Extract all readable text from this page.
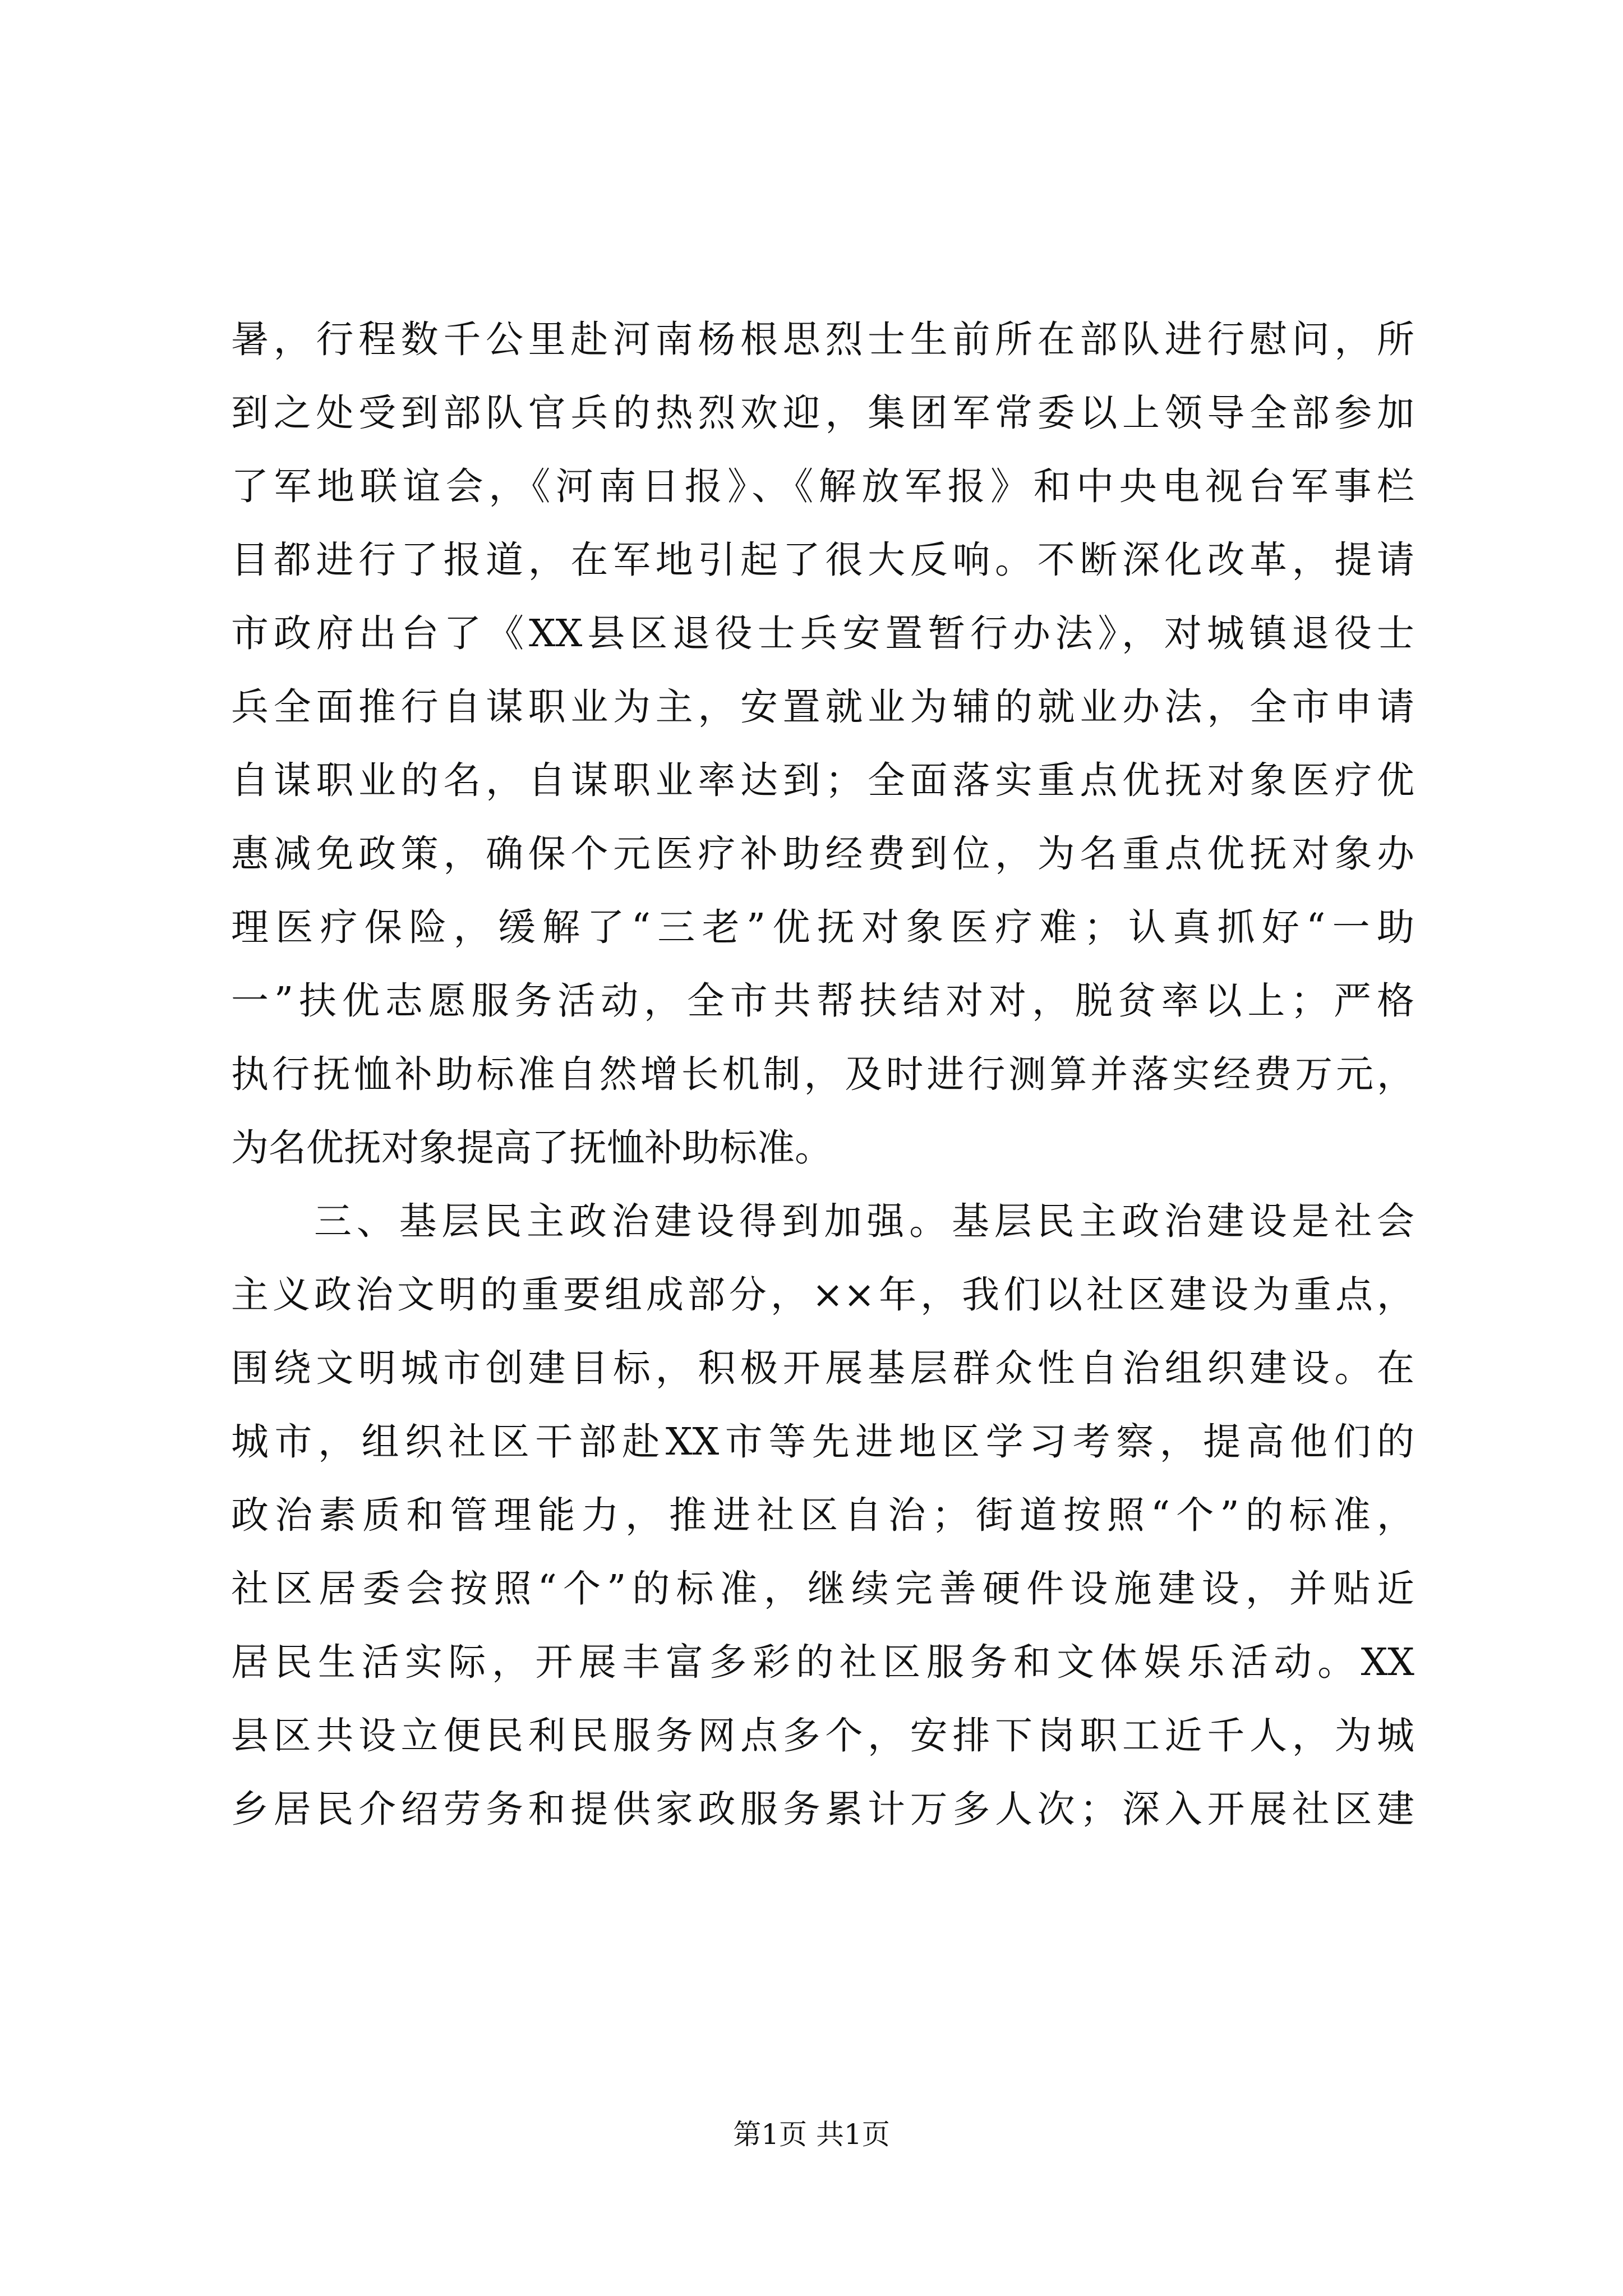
暑，行程数千公里赴河南杨根思烈士生前所在部队进行慰问，所
到之处受到部队官兵的热烈欢迎，集团军常委以上领导全部参加
了军地联谊会，《河南日报》、《解放军报》和中央电视台军事栏
目都进行了报道，在军地引起了很大反响。不断深化改革，提请
市政府出台了《XX县区退役士兵安置暂行办法》，对城镇退役士
兵全面推行自谋职业为主，安置就业为辅的就业办法，全市申请
自谋职业的名，自谋职业率达到；全面落实重点优抚对象医疗优
惠减免政策，确保个元医疗补助经费到位，为名重点优抚对象办
理医疗保险，缓解了“三老”优抚对象医疗难；认真抓好“一助
一”扶优志愿服务活动，全市共帮扶结对对，脱贫率以上；严格
执行抚恤补助标准自然增长机制，及时进行测算并落实经费万元，
为名优抚对象提高了抚恤补助标准。
三、基层民主政治建设得到加强。基层民主政治建设是社会
主义政治文明的重要组成部分，××年，我们以社区建设为重点，
围绕文明城市创建目标，积极开展基层群众性自治组织建设。在
城市，组织社区干部赴XX市等先进地区学习考察，提高他们的
政治素质和管理能力，推进社区自治；街道按照“个”的标准，
社区居委会按照“个”的标准，继续完善硬件设施建设，并贴近
居民生活实际，开展丰富多彩的社区服务和文体娱乐活动。XX
县区共设立便民利民服务网点多个，安排下岗职工近千人，为城
乡居民介绍劳务和提供家政服务累计万多人次；深入开展社区建
第1页 共1页
